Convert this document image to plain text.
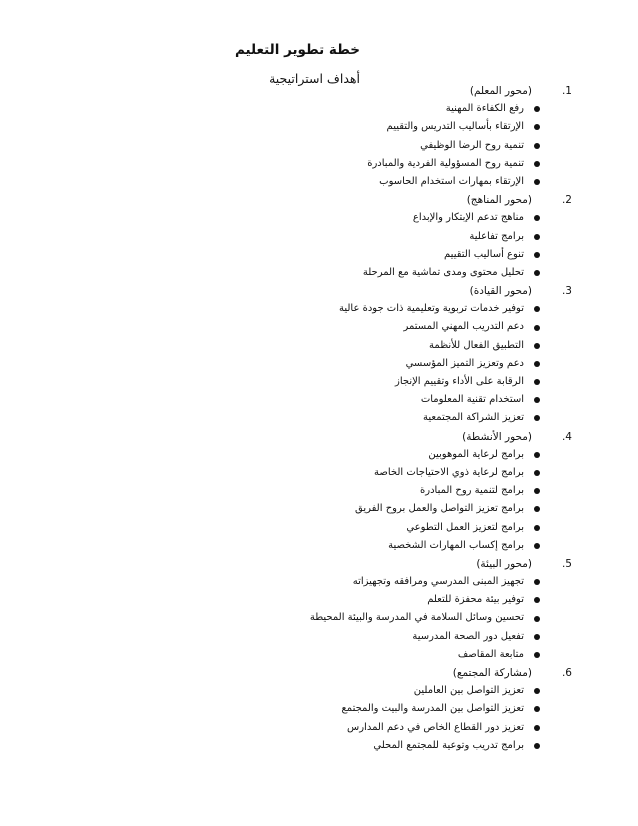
خطة تطوير التعليم
أهداف استراتيجية
.1
(محور المعلم)
رفع الكفاءة المهنية
الإرتقاء بأساليب التدريس والتقييم
تنمية روح الرضا الوظيفي
تنمية روح المسؤولية الفردية والمبادرة
الإرتقاء بمهارات استخدام الحاسوب
.2
(محور المناهج)
مناهج تدعم الإبتكار والإبداع
برامج تفاعلية
تنوع أساليب التقييم
تحليل محتوى ومدى تماشية مع المرحلة
.3
(محور القيادة)
توفير خدمات تربوية وتعليمية ذات جودة عالية
دعم التدريب المهني المستمر
التطبيق الفعال للأنظمة
دعم وتعزيز التميز المؤسسي
الرقابة على الأداء وتقييم الإنجاز
استخدام تقنية المعلومات
تعزيز الشراكة المجتمعية
.4
(محور الأنشطة)
برامج لرعاية الموهوبين
برامج لرعاية ذوي الاحتياجات الخاصة
برامج لتنمية روح المبادرة
برامج تعزيز التواصل والعمل بروح الفريق
برامج لتعزيز العمل التطوعي
برامج إكساب المهارات الشخصية
.5
(محور البيئة)
تجهيز المبنى المدرسي ومرافقه وتجهيزاته
توفير بيئة محفزة للتعلم
تحسين وسائل السلامة في المدرسة والبيئة المحيطة
تفعيل دور الصحة المدرسية
متابعة المقاصف
.6
(مشاركة المجتمع)
تعزيز التواصل بين العاملين
تعزيز التواصل بين المدرسة والبيت والمجتمع
تعزيز دور القطاع الخاص في دعم المدارس
برامج تدريب وتوعية للمجتمع المحلي
